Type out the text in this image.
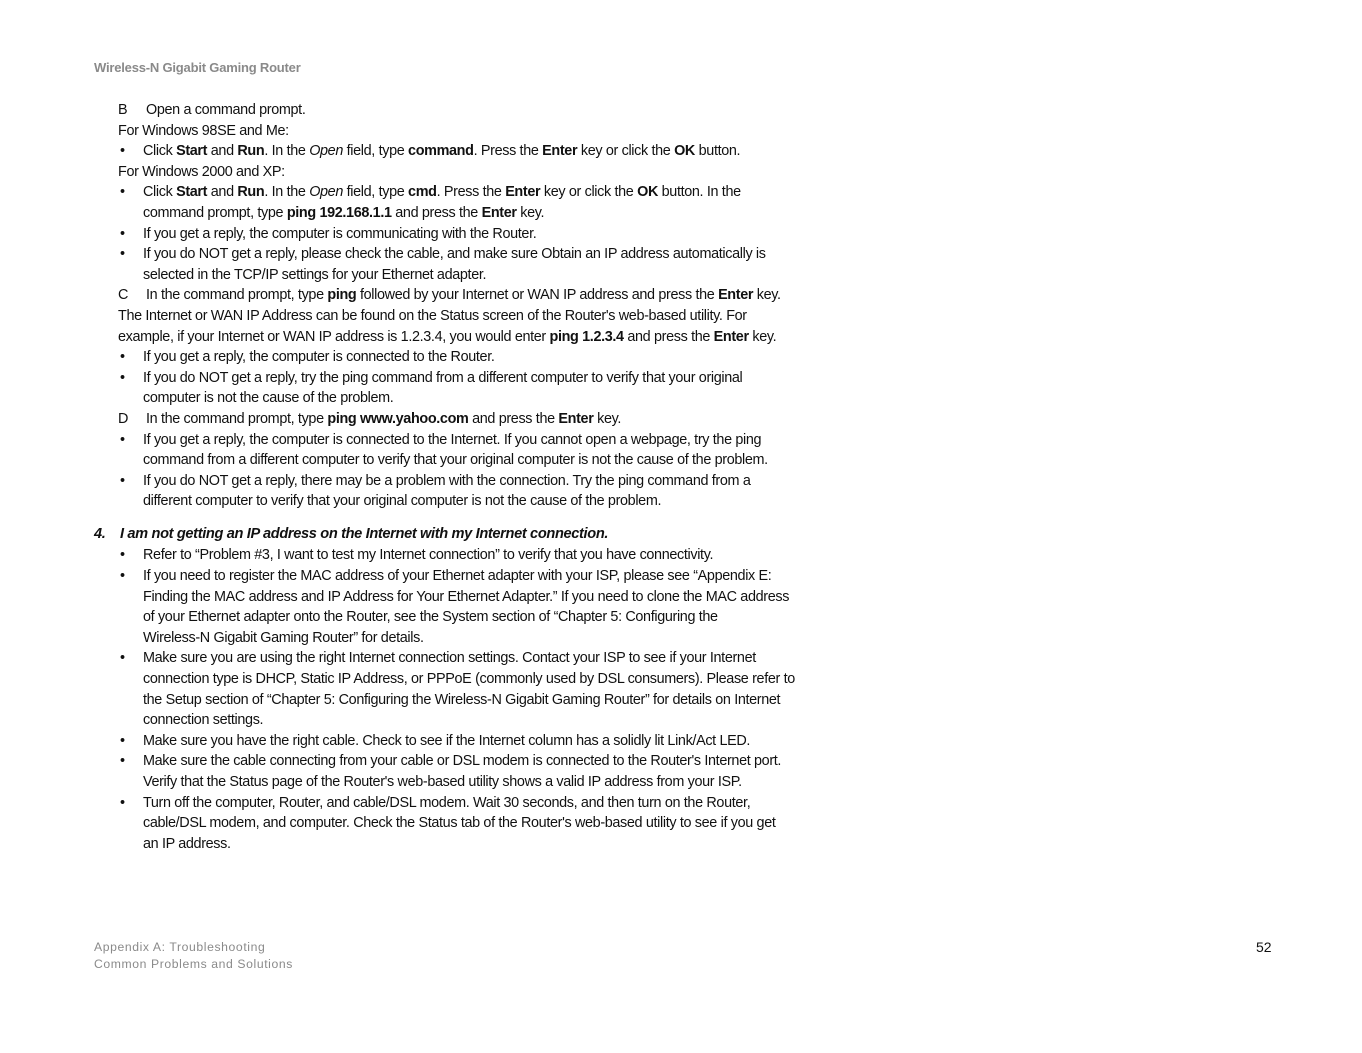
Wireless-N Gigabit Gaming Router
B	Open a command prompt.
For Windows 98SE and Me:
• Click Start and Run. In the Open field, type command. Press the Enter key or click the OK button.
For Windows 2000 and XP:
• Click Start and Run. In the Open field, type cmd. Press the Enter key or click the OK button. In the
command prompt, type ping 192.168.1.1 and press the Enter key.
• If you get a reply, the computer is communicating with the Router.
• If you do NOT get a reply, please check the cable, and make sure Obtain an IP address automatically is
selected in the TCP/IP settings for your Ethernet adapter.
C	In the command prompt, type ping followed by your Internet or WAN IP address and press the Enter key.
The Internet or WAN IP Address can be found on the Status screen of the Router's web-based utility. For
example, if your Internet or WAN IP address is 1.2.3.4, you would enter ping 1.2.3.4 and press the Enter key.
• If you get a reply, the computer is connected to the Router.
• If you do NOT get a reply, try the ping command from a different computer to verify that your original
computer is not the cause of the problem.
D	In the command prompt, type ping www.yahoo.com and press the Enter key.
• If you get a reply, the computer is connected to the Internet. If you cannot open a webpage, try the ping
command from a different computer to verify that your original computer is not the cause of the problem.
• If you do NOT get a reply, there may be a problem with the connection. Try the ping command from a
different computer to verify that your original computer is not the cause of the problem.
4. I am not getting an IP address on the Internet with my Internet connection.
• Refer to “Problem #3, I want to test my Internet connection” to verify that you have connectivity.
• If you need to register the MAC address of your Ethernet adapter with your ISP, please see “Appendix E:
Finding the MAC address and IP Address for Your Ethernet Adapter.” If you need to clone the MAC address
of your Ethernet adapter onto the Router, see the System section of “Chapter 5: Configuring the
Wireless-N Gigabit Gaming Router” for details.
• Make sure you are using the right Internet connection settings. Contact your ISP to see if your Internet
connection type is DHCP, Static IP Address, or PPPoE (commonly used by DSL consumers). Please refer to
the Setup section of “Chapter 5: Configuring the Wireless-N Gigabit Gaming Router” for details on Internet
connection settings.
• Make sure you have the right cable. Check to see if the Internet column has a solidly lit Link/Act LED.
• Make sure the cable connecting from your cable or DSL modem is connected to the Router's Internet port.
Verify that the Status page of the Router's web-based utility shows a valid IP address from your ISP.
• Turn off the computer, Router, and cable/DSL modem. Wait 30 seconds, and then turn on the Router,
cable/DSL modem, and computer. Check the Status tab of the Router's web-based utility to see if you get
an IP address.
Appendix A: Troubleshooting
Common Problems and Solutions
52
